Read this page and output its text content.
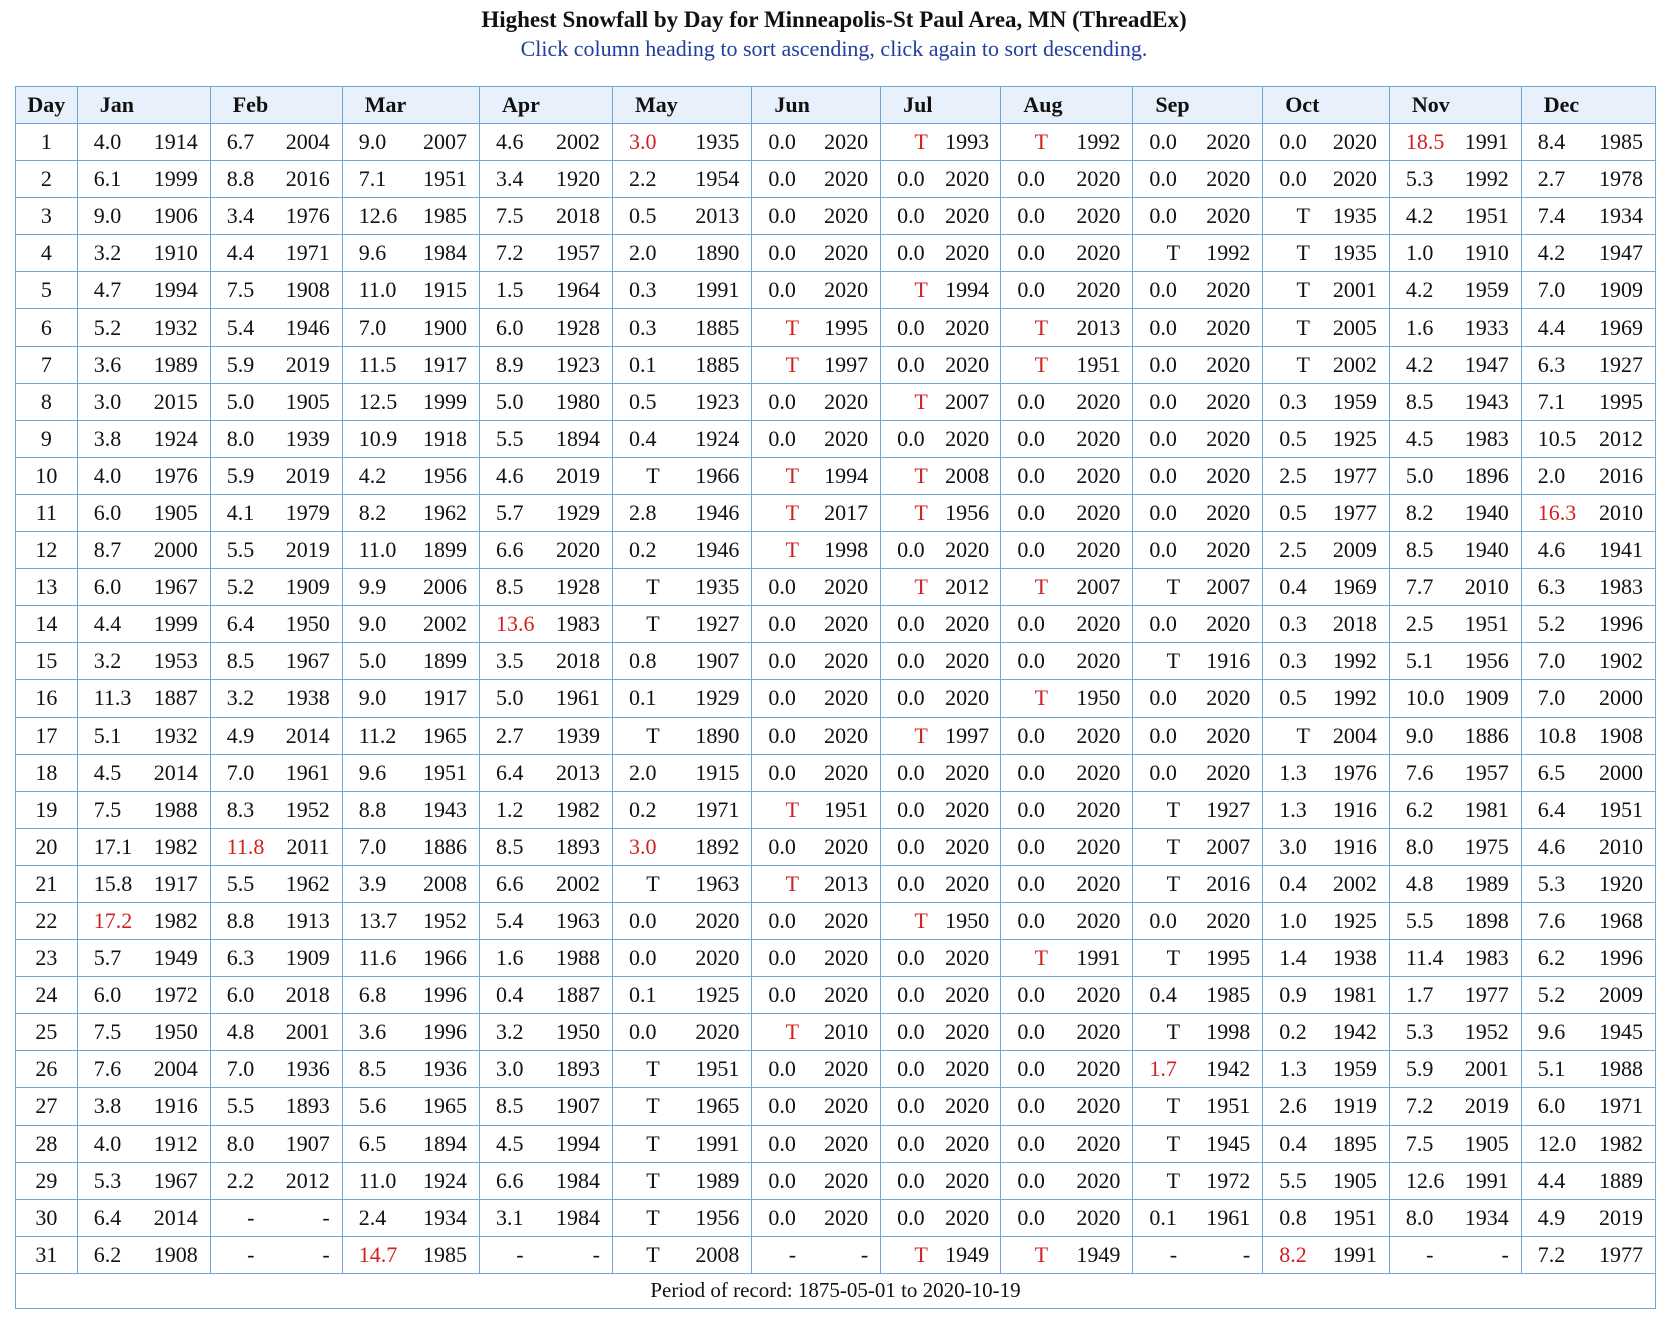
Highest Snowfall by Day for Minneapolis-St Paul Area, MN (ThreadEx)
Click column heading to sort ascending, click again to sort descending.
Day	Jan	Feb	Mar	Apr	May	Jun	Jul	Aug	Sep	Oct	Nov	Dec
1	4.0 1914	6.7 2004	9.0 2007	4.6 2002	3.0 1935	0.0 2020	T 1993	T 1992	0.0 2020	0.0 2020	18.5 1991	8.4 1985

2	6.1 1999	8.8 2016	7.1 1951	3.4 1920	2.2 1954	0.0 2020	0.0 2020	0.0 2020	0.0 2020	0.0 2020	5.3 1992	2.7 1978

3	9.0 1906	3.4 1976	12.6 1985	7.5 2018	0.5 2013	0.0 2020	0.0 2020	0.0 2020	0.0 2020	T 1935	4.2 1951	7.4 1934

4	3.2 1910	4.4 1971	9.6 1984	7.2 1957	2.0 1890	0.0 2020	0.0 2020	0.0 2020	T 1992	T 1935	1.0 1910	4.2 1947

5	4.7 1994	7.5 1908	11.0 1915	1.5 1964	0.3 1991	0.0 2020	T 1994	0.0 2020	0.0 2020	T 2001	4.2 1959	7.0 1909

6	5.2 1932	5.4 1946	7.0 1900	6.0 1928	0.3 1885	T 1995	0.0 2020	T 2013	0.0 2020	T 2005	1.6 1933	4.4 1969

7	3.6 1989	5.9 2019	11.5 1917	8.9 1923	0.1 1885	T 1997	0.0 2020	T 1951	0.0 2020	T 2002	4.2 1947	6.3 1927

8	3.0 2015	5.0 1905	12.5 1999	5.0 1980	0.5 1923	0.0 2020	T 2007	0.0 2020	0.0 2020	0.3 1959	8.5 1943	7.1 1995

9	3.8 1924	8.0 1939	10.9 1918	5.5 1894	0.4 1924	0.0 2020	0.0 2020	0.0 2020	0.0 2020	0.5 1925	4.5 1983	10.5 2012

10	4.0 1976	5.9 2019	4.2 1956	4.6 2019	T 1966	T 1994	T 2008	0.0 2020	0.0 2020	2.5 1977	5.0 1896	2.0 2016

11	6.0 1905	4.1 1979	8.2 1962	5.7 1929	2.8 1946	T 2017	T 1956	0.0 2020	0.0 2020	0.5 1977	8.2 1940	16.3 2010

12	8.7 2000	5.5 2019	11.0 1899	6.6 2020	0.2 1946	T 1998	0.0 2020	0.0 2020	0.0 2020	2.5 2009	8.5 1940	4.6 1941

13	6.0 1967	5.2 1909	9.9 2006	8.5 1928	T 1935	0.0 2020	T 2012	T 2007	T 2007	0.4 1969	7.7 2010	6.3 1983

14	4.4 1999	6.4 1950	9.0 2002	13.6 1983	T 1927	0.0 2020	0.0 2020	0.0 2020	0.0 2020	0.3 2018	2.5 1951	5.2 1996

15	3.2 1953	8.5 1967	5.0 1899	3.5 2018	0.8 1907	0.0 2020	0.0 2020	0.0 2020	T 1916	0.3 1992	5.1 1956	7.0 1902

16	11.3 1887	3.2 1938	9.0 1917	5.0 1961	0.1 1929	0.0 2020	0.0 2020	T 1950	0.0 2020	0.5 1992	10.0 1909	7.0 2000

17	5.1 1932	4.9 2014	11.2 1965	2.7 1939	T 1890	0.0 2020	T 1997	0.0 2020	0.0 2020	T 2004	9.0 1886	10.8 1908

18	4.5 2014	7.0 1961	9.6 1951	6.4 2013	2.0 1915	0.0 2020	0.0 2020	0.0 2020	0.0 2020	1.3 1976	7.6 1957	6.5 2000

19	7.5 1988	8.3 1952	8.8 1943	1.2 1982	0.2 1971	T 1951	0.0 2020	0.0 2020	T 1927	1.3 1916	6.2 1981	6.4 1951

20	17.1 1982	11.8 2011	7.0 1886	8.5 1893	3.0 1892	0.0 2020	0.0 2020	0.0 2020	T 2007	3.0 1916	8.0 1975	4.6 2010

21	15.8 1917	5.5 1962	3.9 2008	6.6 2002	T 1963	T 2013	0.0 2020	0.0 2020	T 2016	0.4 2002	4.8 1989	5.3 1920

22	17.2 1982	8.8 1913	13.7 1952	5.4 1963	0.0 2020	0.0 2020	T 1950	0.0 2020	0.0 2020	1.0 1925	5.5 1898	7.6 1968

23	5.7 1949	6.3 1909	11.6 1966	1.6 1988	0.0 2020	0.0 2020	0.0 2020	T 1991	T 1995	1.4 1938	11.4 1983	6.2 1996

24	6.0 1972	6.0 2018	6.8 1996	0.4 1887	0.1 1925	0.0 2020	0.0 2020	0.0 2020	0.4 1985	0.9 1981	1.7 1977	5.2 2009

25	7.5 1950	4.8 2001	3.6 1996	3.2 1950	0.0 2020	T 2010	0.0 2020	0.0 2020	T 1998	0.2 1942	5.3 1952	9.6 1945

26	7.6 2004	7.0 1936	8.5 1936	3.0 1893	T 1951	0.0 2020	0.0 2020	0.0 2020	1.7 1942	1.3 1959	5.9 2001	5.1 1988

27	3.8 1916	5.5 1893	5.6 1965	8.5 1907	T 1965	0.0 2020	0.0 2020	0.0 2020	T 1951	2.6 1919	7.2 2019	6.0 1971

28	4.0 1912	8.0 1907	6.5 1894	4.5 1994	T 1991	0.0 2020	0.0 2020	0.0 2020	T 1945	0.4 1895	7.5 1905	12.0 1982

29	5.3 1967	2.2 2012	11.0 1924	6.6 1984	T 1989	0.0 2020	0.0 2020	0.0 2020	T 1972	5.5 1905	12.6 1991	4.4 1889

30	6.4 2014	- -	2.4 1934	3.1 1984	T 1956	0.0 2020	0.0 2020	0.0 2020	0.1 1961	0.8 1951	8.0 1934	4.9 2019

31	6.2 1908	- -	14.7 1985	- -	T 2008	- -	T 1949	T 1949	- -	8.2 1991	- -	7.2 1977

Period of record: 1875-05-01 to 2020-10-19												
